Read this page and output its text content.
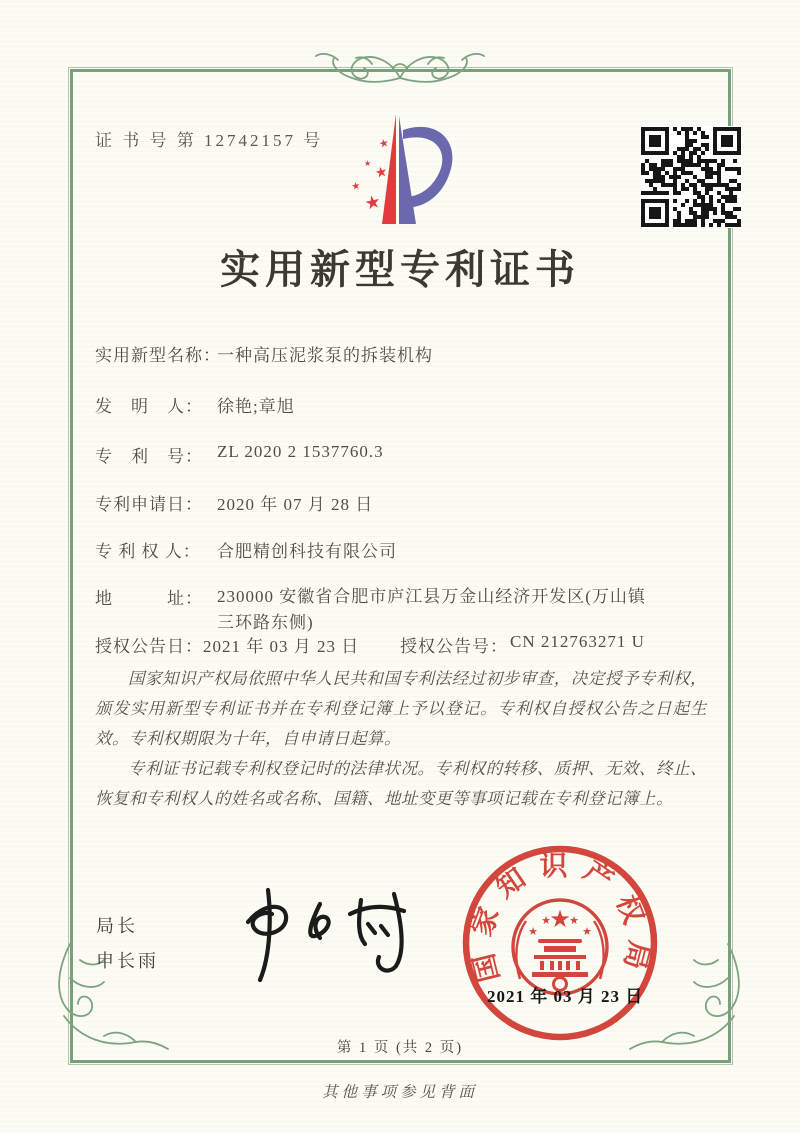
证 书 号 第 12742157 号	★
★
★
★
★
实用新型专利证书
实用新型名称：一种高压泥浆泵的拆装机构
发　明　人： 徐艳;章旭
专　利　号： ZL 2020 2 1537760.3
专利申请日： 2020 年 07 月 28 日
专 利 权 人： 合肥精创科技有限公司
地　　　址： 230000 安徽省合肥市庐江县万金山经济开发区(万山镇三环路东侧)
授权公告日：2021 年 03 月 23 日 授权公告号： CN 212763271 U

国家知识产权局依照中华人民共和国专利法经过初步审查，决定授予专利权，颁发实用新型专利证书并在专利登记簿上予以登记。专利权自授权公告之日起生效。专利权期限为十年，自申请日起算。

专利证书记载专利权登记时的法律状况。专利权的转移、质押、无效、终止、恢复和专利权人的姓名或名称、国籍、地址变更等事项记载在专利登记簿上。

局长
申长雨	国家知识产权局
★
★
★ ★
★
2021 年 03 月 23 日
第 1 页 (共 2 页)
其他事项参见背面
